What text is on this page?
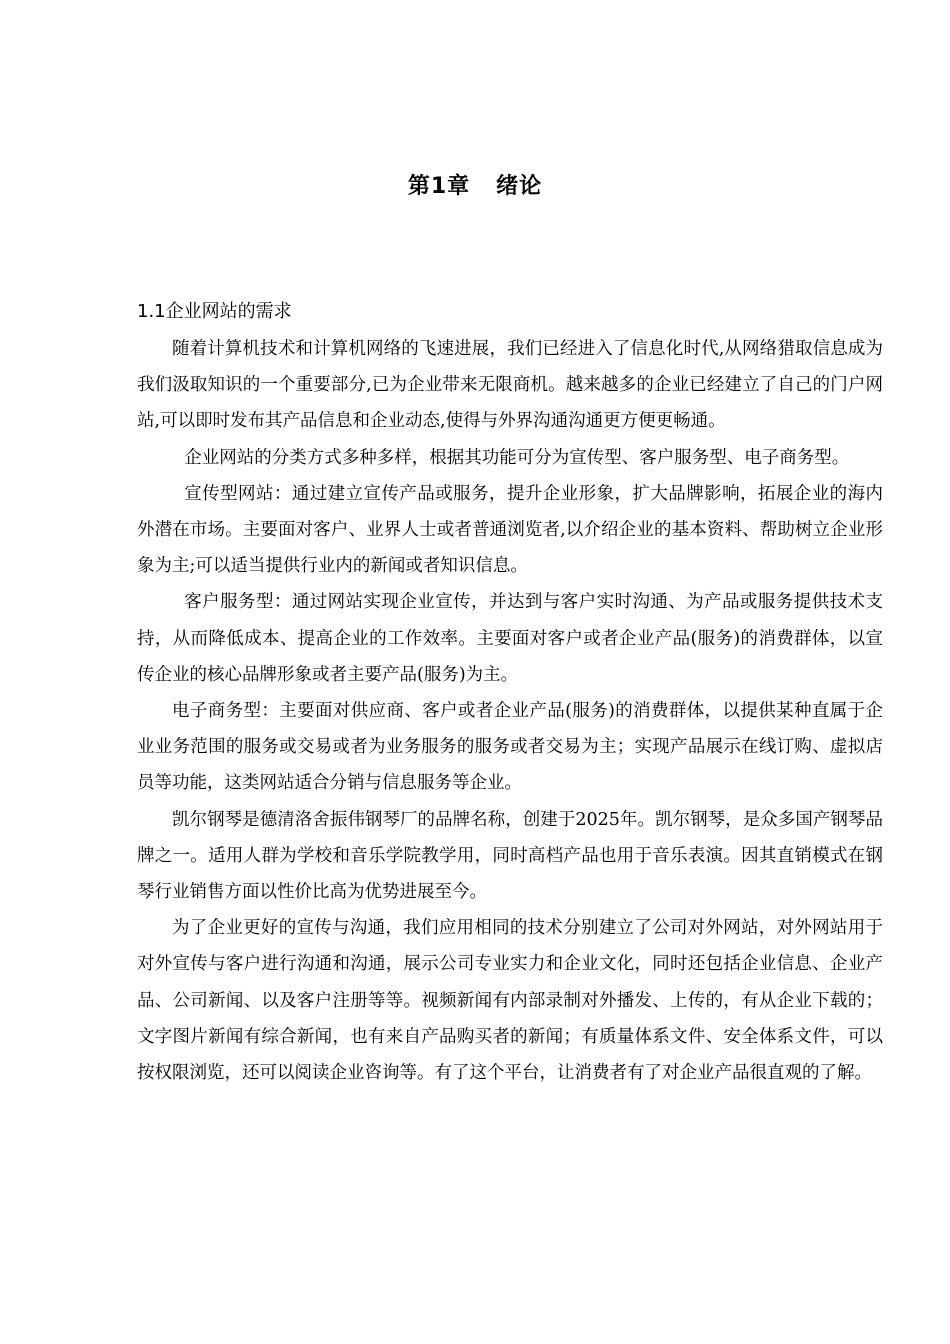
第1章 绪论
1.1企业网站的需求

随着计算机技术和计算机网络的飞速进展，我们已经进入了信息化时代,从网络猎取信息成为我们汲取知识的一个重要部分,已为企业带来无限商机。越来越多的企业已经建立了自己的门户网站,可以即时发布其产品信息和企业动态,使得与外界沟通沟通更方便更畅通。

企业网站的分类方式多种多样，根据其功能可分为宣传型、客户服务型、电子商务型。

宣传型网站：通过建立宣传产品或服务，提升企业形象，扩大品牌影响，拓展企业的海内外潜在市场。主要面对客户、业界人士或者普通浏览者,以介绍企业的基本资料、帮助树立企业形象为主;可以适当提供行业内的新闻或者知识信息。

客户服务型：通过网站实现企业宣传，并达到与客户实时沟通、为产品或服务提供技术支持，从而降低成本、提高企业的工作效率。主要面对客户或者企业产品(服务)的消费群体，以宣传企业的核心品牌形象或者主要产品(服务)为主。

电子商务型：主要面对供应商、客户或者企业产品(服务)的消费群体，以提供某种直属于企业业务范围的服务或交易或者为业务服务的服务或者交易为主；实现产品展示在线订购、虚拟店员等功能，这类网站适合分销与信息服务等企业。

凯尔钢琴是德清洛舍振伟钢琴厂的品牌名称，创建于2025年。凯尔钢琴，是众多国产钢琴品牌之一。适用人群为学校和音乐学院教学用，同时高档产品也用于音乐表演。因其直销模式在钢琴行业销售方面以性价比高为优势进展至今。

为了企业更好的宣传与沟通，我们应用相同的技术分别建立了公司对外网站，对外网站用于对外宣传与客户进行沟通和沟通，展示公司专业实力和企业文化，同时还包括企业信息、企业产品、公司新闻、以及客户注册等等。视频新闻有内部录制对外播发、上传的，有从企业下载的；文字图片新闻有综合新闻，也有来自产品购买者的新闻；有质量体系文件、安全体系文件，可以按权限浏览，还可以阅读企业咨询等。有了这个平台，让消费者有了对企业产品很直观的了解。
